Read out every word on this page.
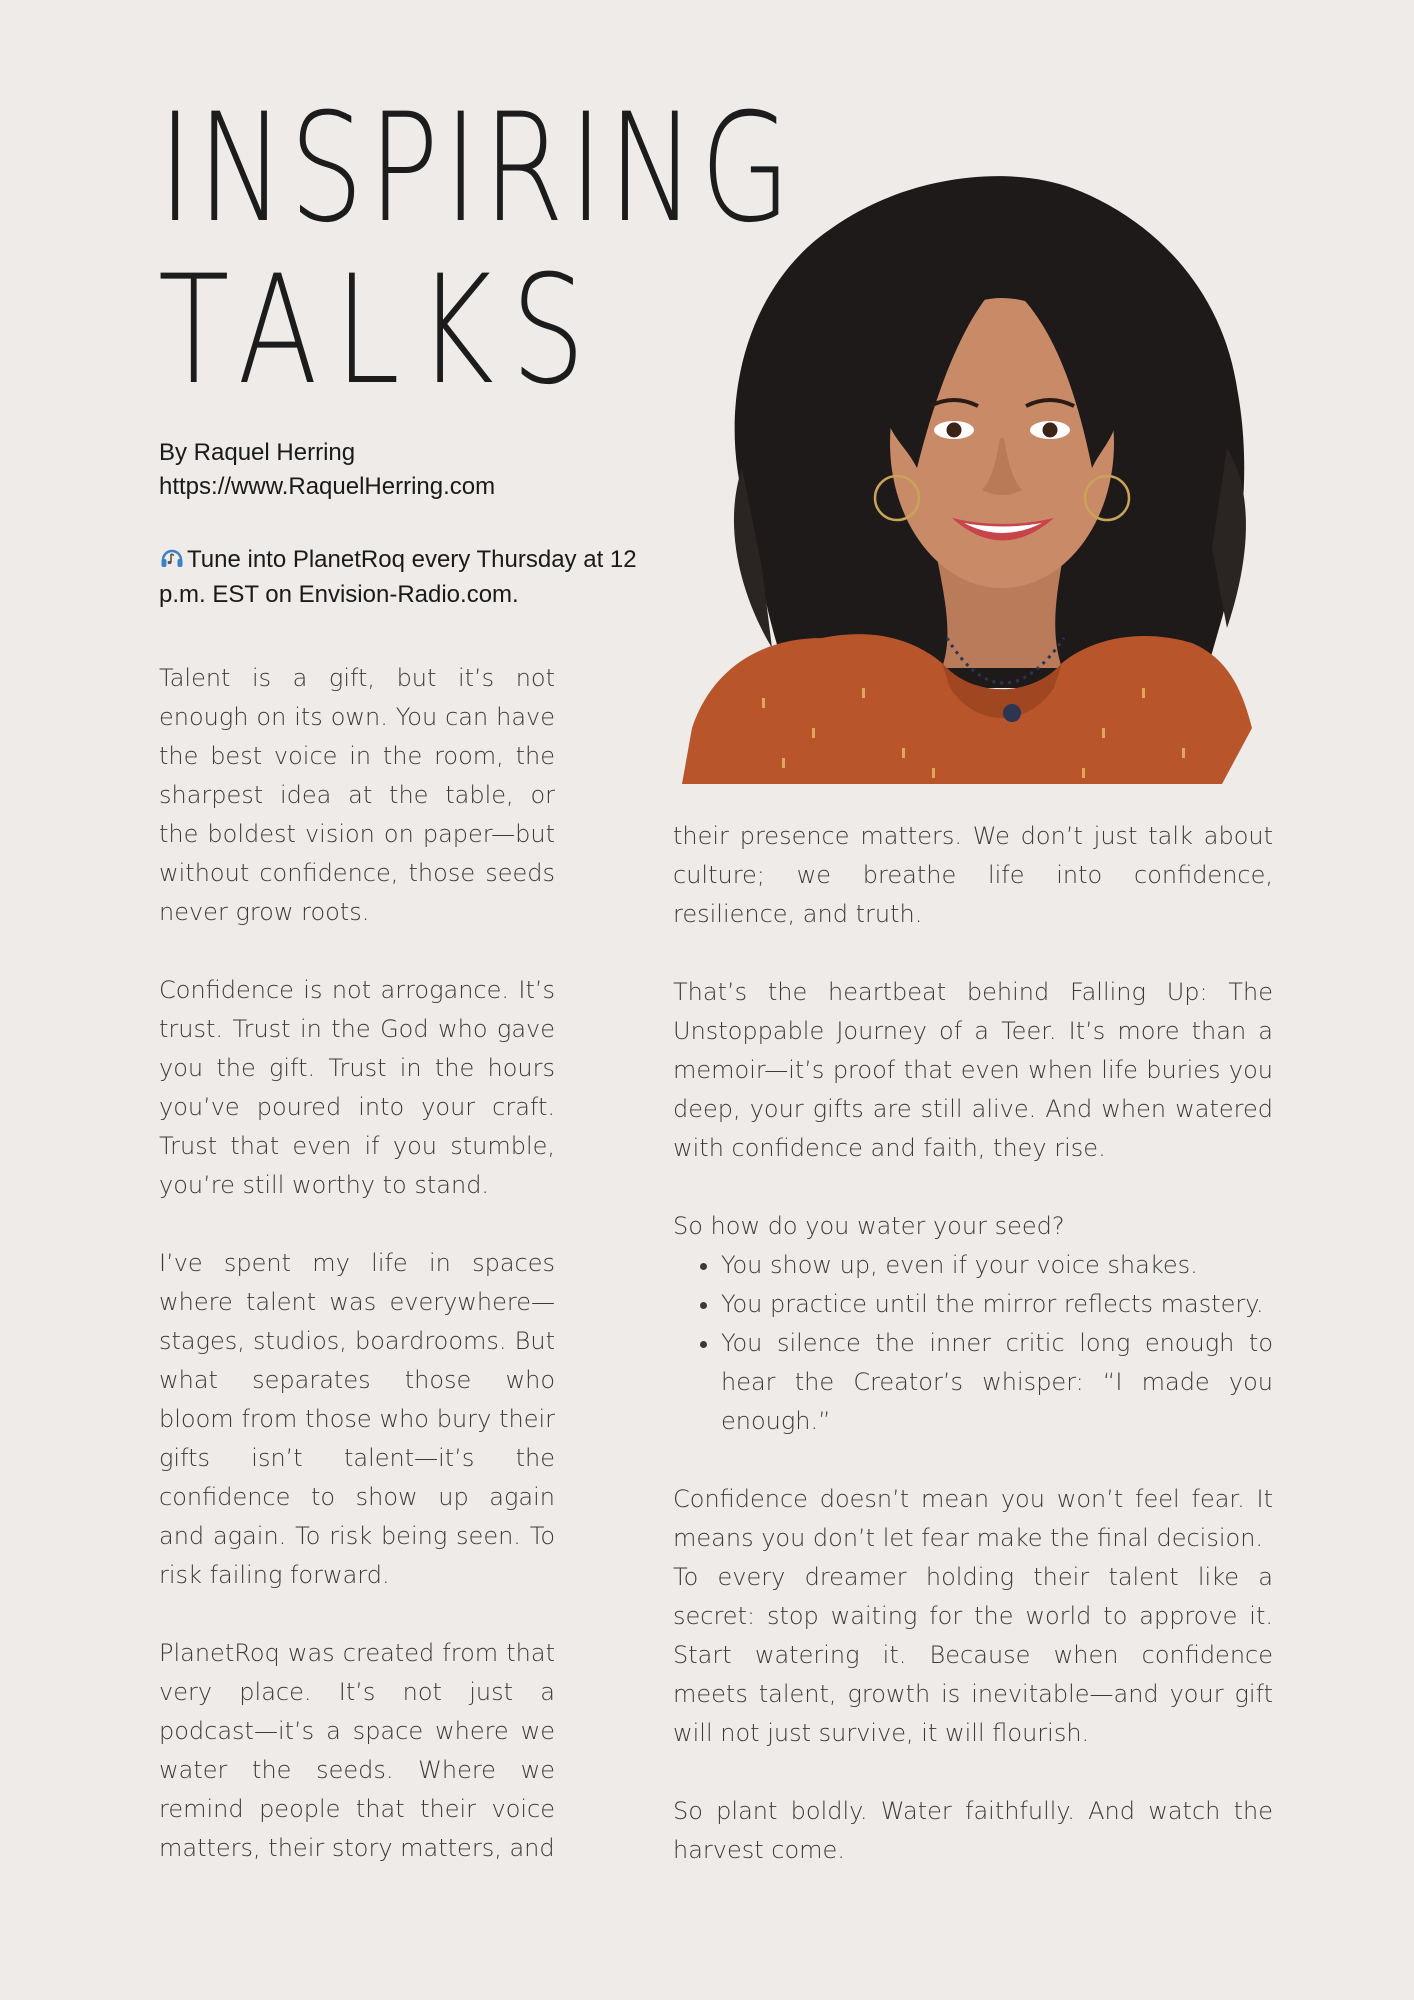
INSPIRING
TALKS
By Raquel Herring
https://www.RaquelHerring.com
Tune into PlanetRoq every Thursday at 12 p.m. EST on Envision-Radio.com.

Talent is a gift, but it’s not enough on its own. You can have the best voice in the room, the sharpest idea at the table, or the boldest vision on paper—but without confidence, those seeds never grow roots.

Confidence is not arrogance. It’s trust. Trust in the God who gave you the gift. Trust in the hours you’ve poured into your craft. Trust that even if you stumble, you’re still worthy to stand.

I’ve spent my life in spaces where talent was everywhere—stages, studios, boardrooms. But what separates those who bloom from those who bury their gifts isn’t talent—it’s the confidence to show up again and again. To risk being seen. To risk failing forward.

PlanetRoq was created from that very place. It’s not just a podcast—it’s a space where we water the seeds. Where we remind people that their voice matters, their story matters, and

their presence matters. We don’t just talk about culture; we breathe life into confidence, resilience, and truth.

That’s the heartbeat behind Falling Up: The Unstoppable Journey of a Teer. It’s more than a memoir—it’s proof that even when life buries you deep, your gifts are still alive. And when watered with confidence and faith, they rise.

So how do you water your seed?

• You show up, even if your voice shakes.
• You practice until the mirror reflects mastery.
• You silence the inner critic long enough to hear the Creator’s whisper: “I made you enough.”

Confidence doesn’t mean you won’t feel fear. It means you don’t let fear make the final decision.

To every dreamer holding their talent like a secret: stop waiting for the world to approve it. Start watering it. Because when confidence meets talent, growth is inevitable—and your gift will not just survive, it will flourish.

So plant boldly. Water faithfully. And watch the harvest come.
